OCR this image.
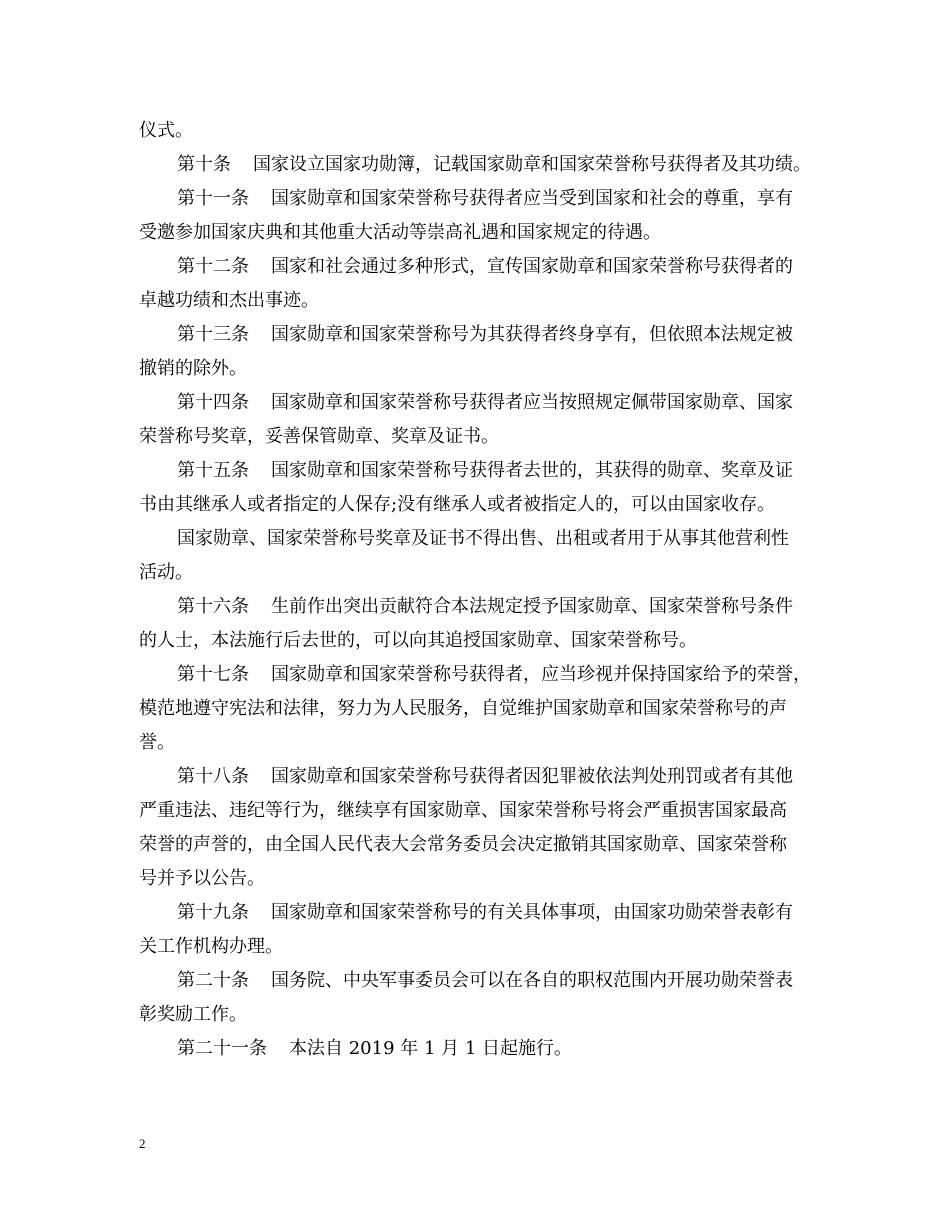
仪式。
第十条 国家设立国家功勋簿，记载国家勋章和国家荣誉称号获得者及其功绩。
第十一条 国家勋章和国家荣誉称号获得者应当受到国家和社会的尊重，享有
受邀参加国家庆典和其他重大活动等崇高礼遇和国家规定的待遇。
第十二条 国家和社会通过多种形式，宣传国家勋章和国家荣誉称号获得者的
卓越功绩和杰出事迹。
第十三条 国家勋章和国家荣誉称号为其获得者终身享有，但依照本法规定被
撤销的除外。
第十四条 国家勋章和国家荣誉称号获得者应当按照规定佩带国家勋章、国家
荣誉称号奖章，妥善保管勋章、奖章及证书。
第十五条 国家勋章和国家荣誉称号获得者去世的，其获得的勋章、奖章及证
书由其继承人或者指定的人保存;没有继承人或者被指定人的，可以由国家收存。
国家勋章、国家荣誉称号奖章及证书不得出售、出租或者用于从事其他营利性
活动。
第十六条 生前作出突出贡献符合本法规定授予国家勋章、国家荣誉称号条件
的人士，本法施行后去世的，可以向其追授国家勋章、国家荣誉称号。
第十七条 国家勋章和国家荣誉称号获得者，应当珍视并保持国家给予的荣誉，
模范地遵守宪法和法律，努力为人民服务，自觉维护国家勋章和国家荣誉称号的声
誉。
第十八条 国家勋章和国家荣誉称号获得者因犯罪被依法判处刑罚或者有其他
严重违法、违纪等行为，继续享有国家勋章、国家荣誉称号将会严重损害国家最高
荣誉的声誉的，由全国人民代表大会常务委员会决定撤销其国家勋章、国家荣誉称
号并予以公告。
第十九条 国家勋章和国家荣誉称号的有关具体事项，由国家功勋荣誉表彰有
关工作机构办理。
第二十条 国务院、中央军事委员会可以在各自的职权范围内开展功勋荣誉表
彰奖励工作。
第二十一条 本法自 2019 年 1 月 1 日起施行。
2
